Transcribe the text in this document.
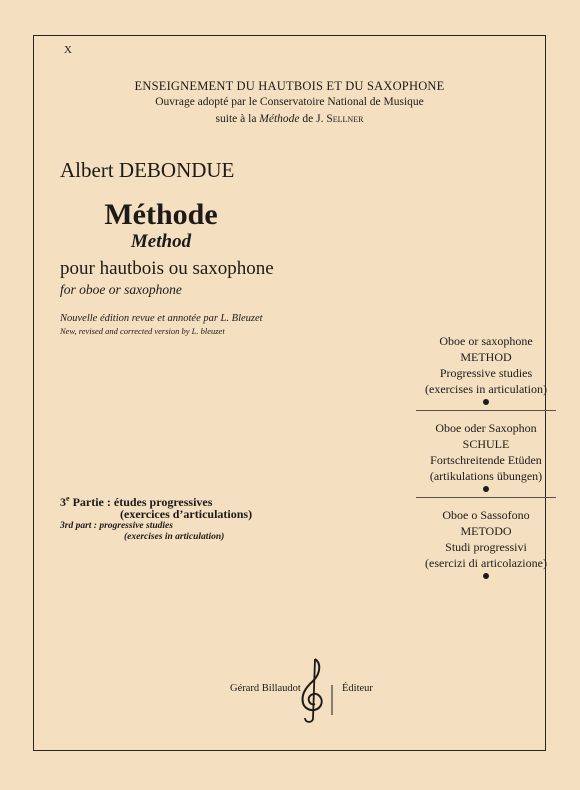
X
ENSEIGNEMENT DU HAUTBOIS ET DU SAXOPHONE
Ouvrage adopté par le Conservatoire National de Musique
suite à la Méthode de J. Sellner
Albert DEBONDUE
Méthode
Method
pour hautbois ou saxophone
for oboe or saxophone
Nouvelle édition revue et annotée par L. Bleuzet
New, revised and corrected version by L. bleuzet
3e Partie : études progressives
(exercices d’articulations)
3rd part : progressive studies
(exercises in articulation)
Oboe or saxophone
METHOD
Progressive studies
(exercises in articulation)
Oboe oder Saxophon
SCHULE
Fortschreitende Etüden
(artikulations übungen)
Oboe o Sassofono
METODO
Studi progressivi
(esercizi di articolazione)
Gérard Billaudot	Éditeur
